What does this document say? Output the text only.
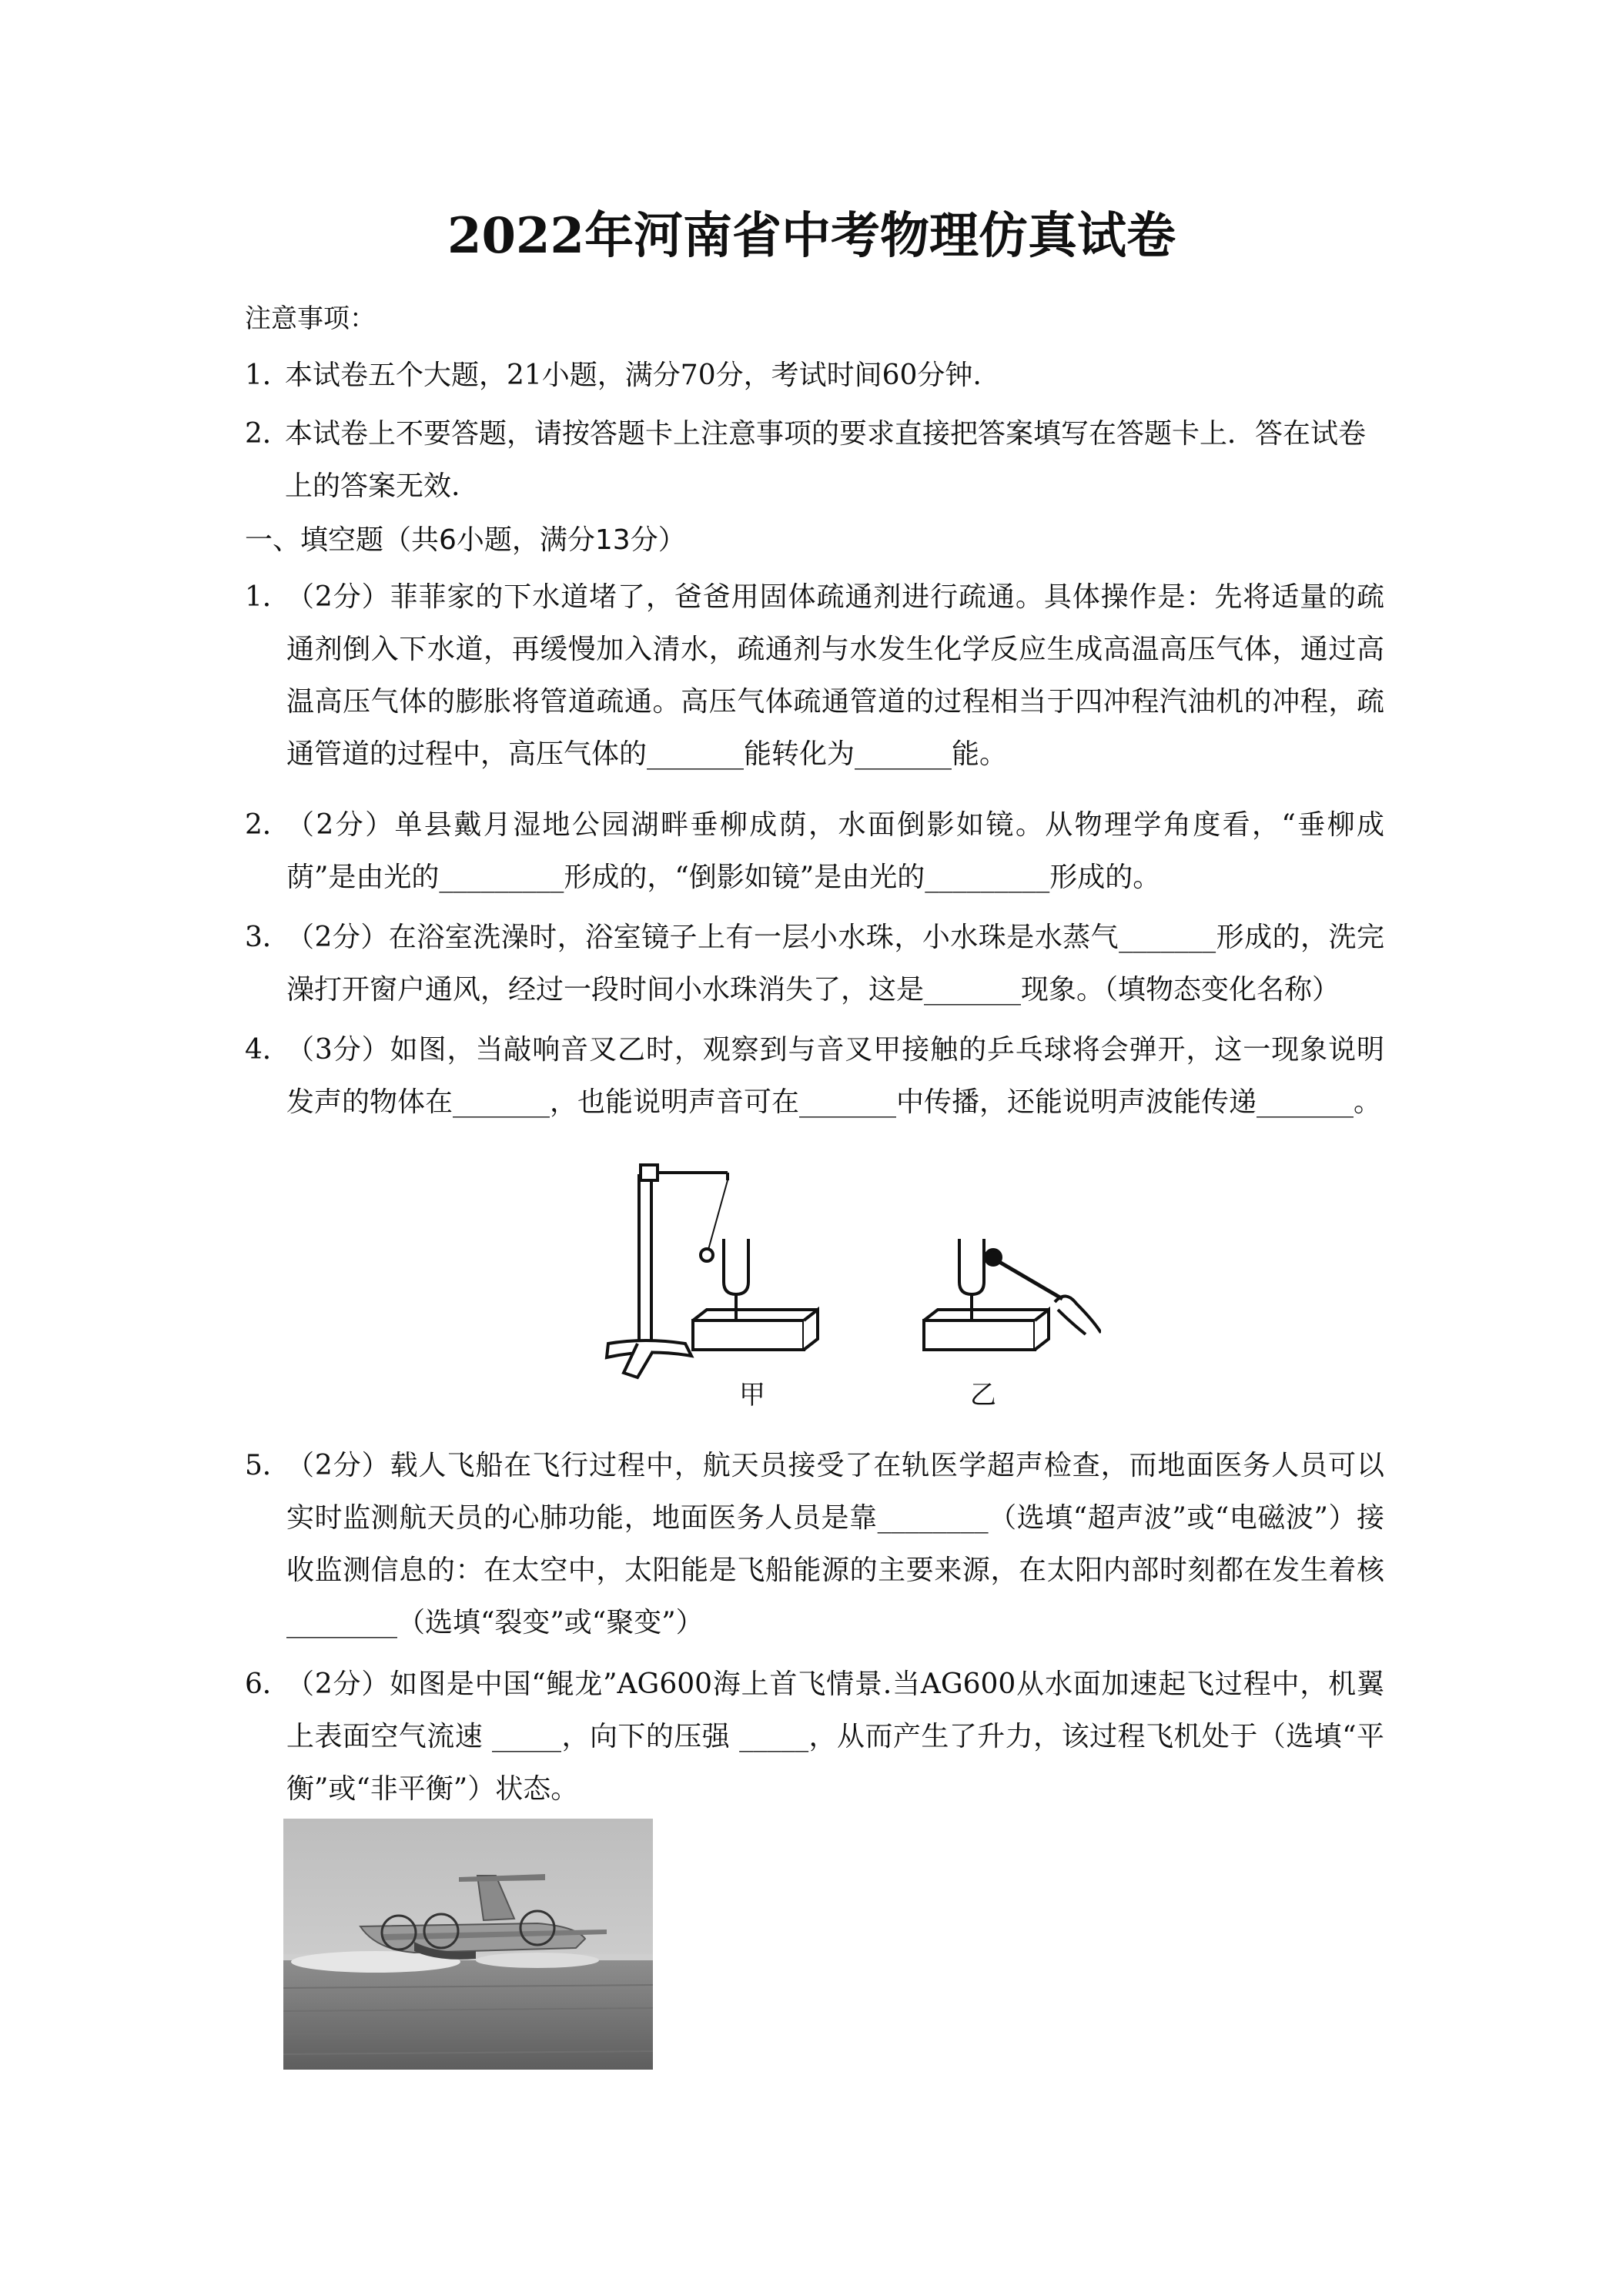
2022年河南省中考物理仿真试卷
注意事项：
1．
本试卷五个大题，21小题，满分70分，考试时间60分钟.
2．
本试卷上不要答题，请按答题卡上注意事项的要求直接把答案填写在答题卡上．答在试卷上的答案无效.
一、填空题（共6小题，满分13分）
1．
（2分）菲菲家的下水道堵了，爸爸用固体疏通剂进行疏通。具体操作是：先将适量的疏通剂倒入下水道，再缓慢加入清水，疏通剂与水发生化学反应生成高温高压气体，通过高温高压气体的膨胀将管道疏通。高压气体疏通管道的过程相当于四冲程汽油机的冲程，疏通管道的过程中，高压气体的_______能转化为_______能。
2．
（2分）单县戴月湿地公园湖畔垂柳成荫，水面倒影如镜。从物理学角度看，“垂柳成荫”是由光的_________形成的，“倒影如镜”是由光的_________形成的。
3．
（2分）在浴室洗澡时，浴室镜子上有一层小水珠，小水珠是水蒸气_______形成的，洗完澡打开窗户通风，经过一段时间小水珠消失了，这是_______现象。（填物态变化名称）
4．
（3分）如图，当敲响音叉乙时，观察到与音叉甲接触的乒乓球将会弹开，这一现象说明发声的物体在_______，也能说明声音可在_______中传播，还能说明声波能传递_______。
甲	乙
5．
（2分）载人飞船在飞行过程中，航天员接受了在轨医学超声检查，而地面医务人员可以实时监测航天员的心肺功能，地面医务人员是靠________（选填“超声波”或“电磁波”）接收监测信息的：在太空中，太阳能是飞船能源的主要来源，在太阳内部时刻都在发生着核________（选填“裂变”或“聚变”）
6．
（2分）如图是中国“鲲龙”AG600海上首飞情景.当AG600从水面加速起飞过程中，机翼上表面空气流速 _____，向下的压强 _____，从而产生了升力，该过程飞机处于（选填“平衡”或“非平衡”）状态。
